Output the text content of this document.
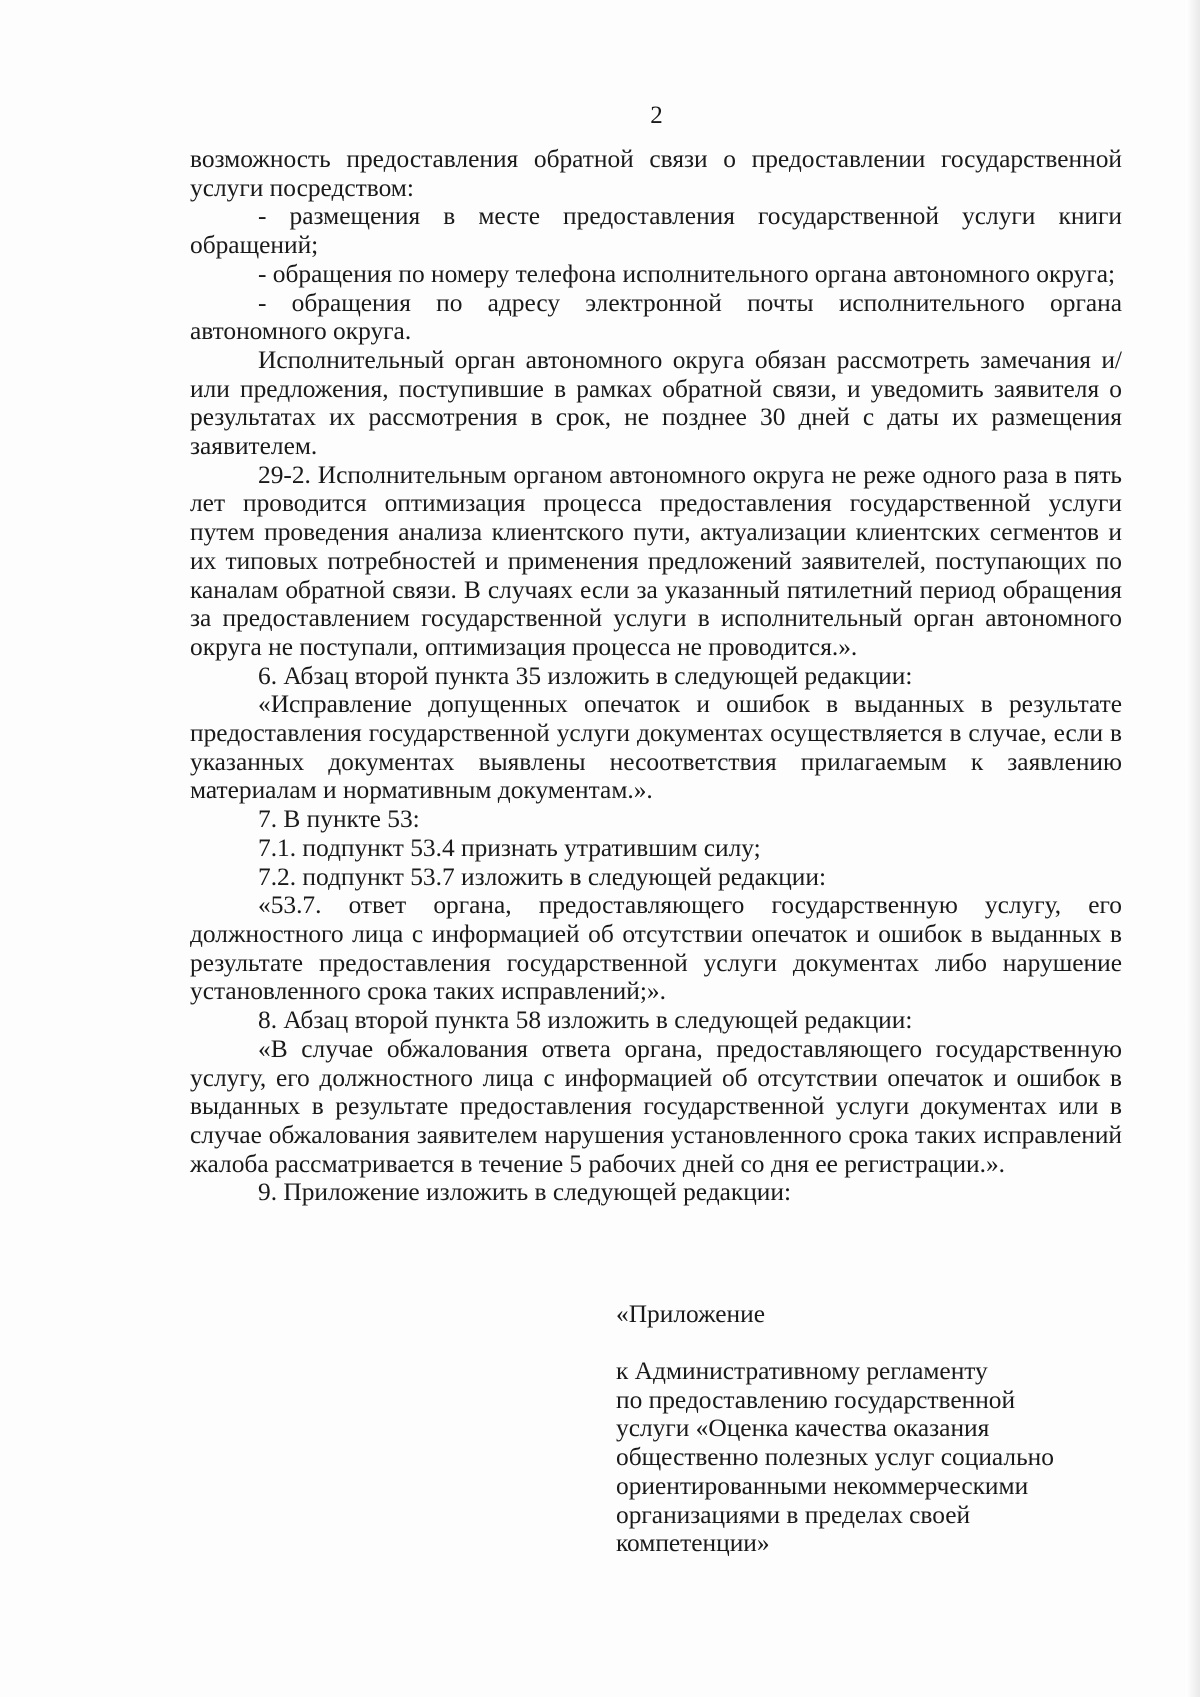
2

возможность предоставления обратной связи о предоставлении государственной услуги посредством:

- размещения в месте предоставления государственной услуги книги обращений;

- обращения по номеру телефона исполнительного органа автономного округа;

- обращения по адресу электронной почты исполнительного органа автономного округа.

Исполнительный орган автономного округа обязан рассмотреть замечания и/или предложения, поступившие в рамках обратной связи, и уведомить заявителя о результатах их рассмотрения в срок, не позднее 30 дней с даты их размещения заявителем.

29-2. Исполнительным органом автономного округа не реже одного раза в пять лет проводится оптимизация процесса предоставления государственной услуги путем проведения анализа клиентского пути, актуализации клиентских сегментов и их типовых потребностей и применения предложений заявителей, поступающих по каналам обратной связи. В случаях если за указанный пятилетний период обращения за предоставлением государственной услуги в исполнительный орган автономного округа не поступали, оптимизация процесса не проводится.».

6. Абзац второй пункта 35 изложить в следующей редакции:

«Исправление допущенных опечаток и ошибок в выданных в результате предоставления государственной услуги документах осуществляется в случае, если в указанных документах выявлены несоответствия прилагаемым к заявлению материалам и нормативным документам.».

7. В пункте 53:

7.1. подпункт 53.4 признать утратившим силу;

7.2. подпункт 53.7 изложить в следующей редакции:

«53.7. ответ органа, предоставляющего государственную услугу, его должностного лица с информацией об отсутствии опечаток и ошибок в выданных в результате предоставления государственной услуги документах либо нарушение установленного срока таких исправлений;».

8. Абзац второй пункта 58 изложить в следующей редакции:

«В случае обжалования ответа органа, предоставляющего государственную услугу, его должностного лица с информацией об отсутствии опечаток и ошибок в выданных в результате предоставления государственной услуги документах или в случае обжалования заявителем нарушения установленного срока таких исправлений жалоба рассматривается в течение 5 рабочих дней со дня ее регистрации.».

9. Приложение изложить в следующей редакции:

«Приложение
к Административному регламенту
по предоставлению государственной
услуги «Оценка качества оказания
общественно полезных услуг социально
ориентированными некоммерческими
организациями в пределах своей
компетенции»
